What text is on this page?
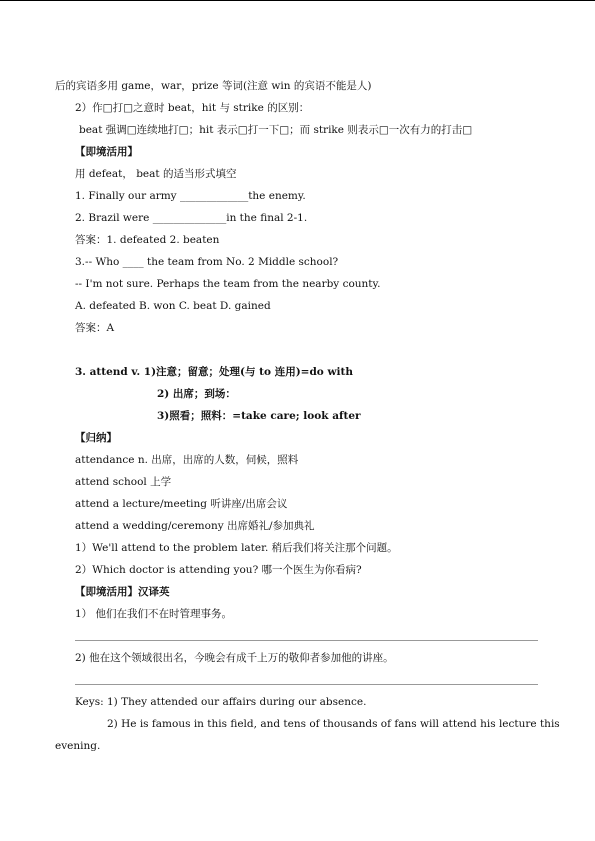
后的宾语多用 game，war，prize 等词(注意 win 的宾语不能是人)
2）作□打□之意时 beat，hit 与 strike 的区别：
beat 强调□连续地打□；hit 表示□打一下□；而 strike 则表示□一次有力的打击□
【即境活用】
用 defeat， beat 的适当形式填空
1. Finally our army _____________the enemy.
2. Brazil were ______________in the final 2-1.
答案：1. defeated 2. beaten
3.-- Who ____ the team from No. 2 Middle school?
-- I'm not sure. Perhaps the team from the nearby county.
A. defeated B. won C. beat D. gained
答案：A
3. attend v. 1)注意；留意；处理(与 to 连用)=do with
2) 出席；到场：
3)照看；照料：=take care; look after
【归纳】
attendance n. 出席，出席的人数，伺候，照料
attend school 上学
attend a lecture/meeting 听讲座/出席会议
attend a wedding/ceremony 出席婚礼/参加典礼
1）We'll attend to the problem later. 稍后我们将关注那个问题。
2）Which doctor is attending you? 哪一个医生为你看病?
【即境活用】汉译英
1） 他们在我们不在时管理事务。
2) 他在这个领域很出名，今晚会有成千上万的敬仰者参加他的讲座。
Keys: 1) They attended our affairs during our absence.
2) He is famous in this field, and tens of thousands of fans will attend his lecture this
evening.
